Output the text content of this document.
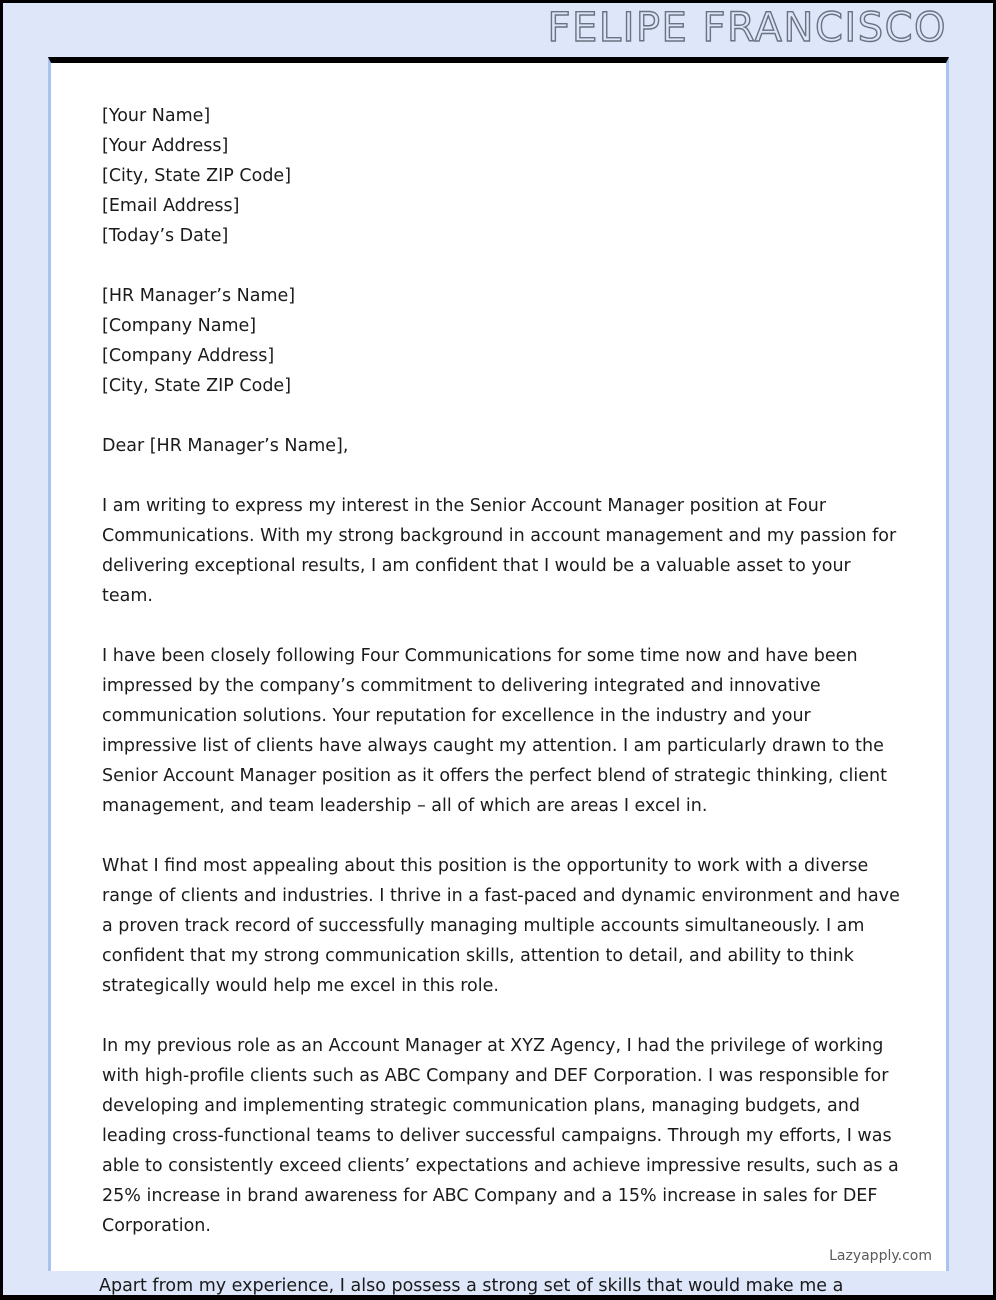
FELIPE FRANCISCO
[Your Name]
[Your Address]
[City, State ZIP Code]
[Email Address]
[Today’s Date]
[HR Manager’s Name]
[Company Name]
[Company Address]
[City, State ZIP Code]

Dear [HR Manager’s Name],

I am writing to express my interest in the Senior Account Manager position at Four Communications. With my strong background in account management and my passion for delivering exceptional results, I am confident that I would be a valuable asset to your team.

I have been closely following Four Communications for some time now and have been impressed by the company’s commitment to delivering integrated and innovative communication solutions. Your reputation for excellence in the industry and your impressive list of clients have always caught my attention. I am particularly drawn to the Senior Account Manager position as it offers the perfect blend of strategic thinking, client management, and team leadership – all of which are areas I excel in.

What I find most appealing about this position is the opportunity to work with a diverse range of clients and industries. I thrive in a fast-paced and dynamic environment and have a proven track record of successfully managing multiple accounts simultaneously. I am confident that my strong communication skills, attention to detail, and ability to think strategically would help me excel in this role.

In my previous role as an Account Manager at XYZ Agency, I had the privilege of working with high-profile clients such as ABC Company and DEF Corporation. I was responsible for developing and implementing strategic communication plans, managing budgets, and leading cross-functional teams to deliver successful campaigns. Through my efforts, I was able to consistently exceed clients’ expectations and achieve impressive results, such as a 25% increase in brand awareness for ABC Company and a 15% increase in sales for DEF Corporation.

Lazyapply.com
Apart from my experience, I also possess a strong set of skills that would make me a
